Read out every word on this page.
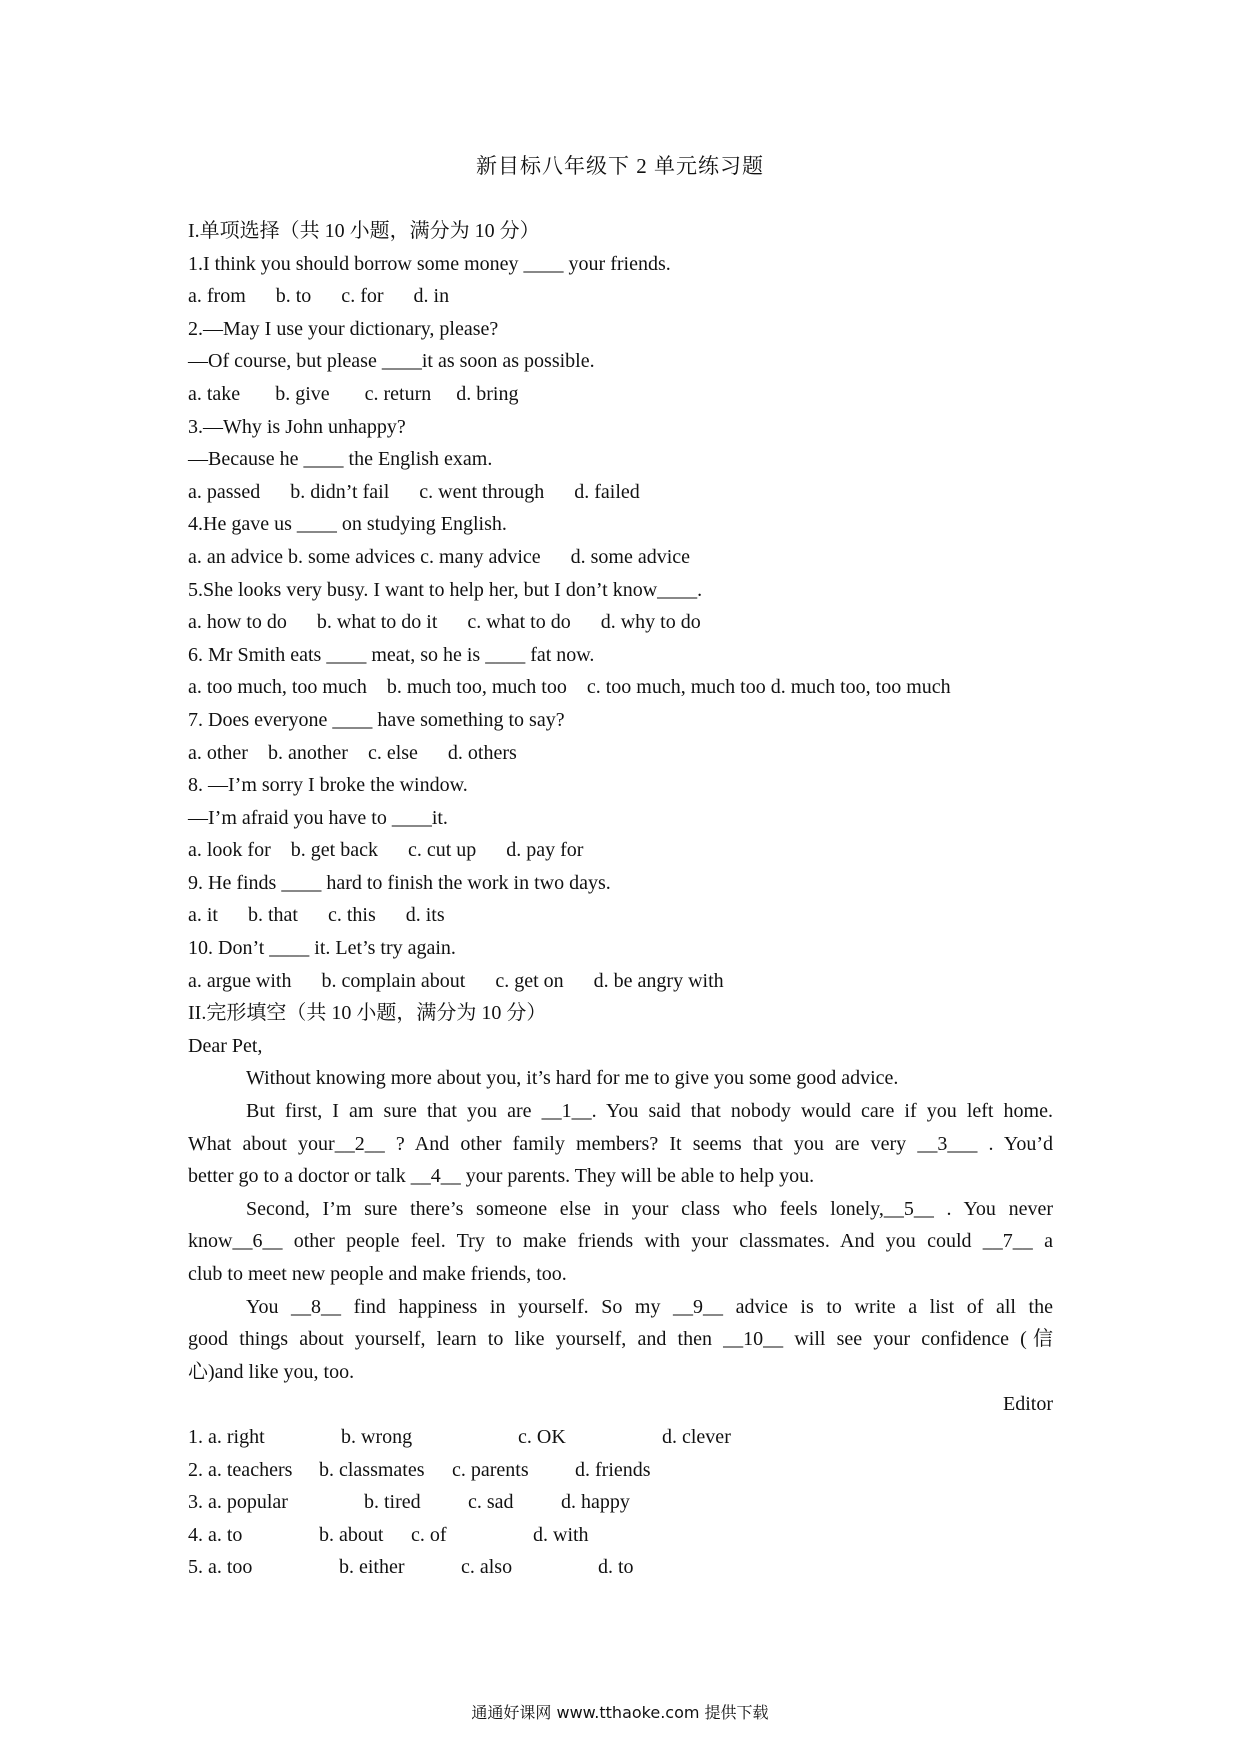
新目标八年级下 2 单元练习题
I.单项选择（共 10 小题，满分为 10 分）
1.I think you should borrow some money ____ your friends.
a. from      b. to      c. for      d. in
2.—May I use your dictionary, please?
—Of course, but please ____it as soon as possible.
a. take       b. give       c. return     d. bring
3.—Why is John unhappy?
—Because he ____ the English exam.
a. passed      b. didn’t fail      c. went through      d. failed
4.He gave us ____ on studying English.
a. an advice b. some advices c. many advice      d. some advice
5.She looks very busy. I want to help her, but I don’t know____.
a. how to do      b. what to do it      c. what to do      d. why to do
6. Mr Smith eats ____ meat, so he is ____ fat now.
a. too much, too much    b. much too, much too    c. too much, much too d. much too, too much
7. Does everyone ____ have something to say?
a. other    b. another    c. else      d. others
8. —I’m sorry I broke the window.
—I’m afraid you have to ____it.
a. look for    b. get back      c. cut up      d. pay for
9. He finds ____ hard to finish the work in two days.
a. it      b. that      c. this      d. its
10. Don’t ____ it. Let’s try again.
a. argue with      b. complain about      c. get on      d. be angry with
II.完形填空（共 10 小题，满分为 10 分）
Dear Pet,
Without knowing more about you, it’s hard for me to give you some good advice.
But first, I am sure that you are __1__. You said that nobody would care if you left home.
What about your__2__ ? And other family members? It seems that you are very __3___ . You’d
better go to a doctor or talk __4__ your parents. They will be able to help you.
Second, I’m sure there’s someone else in your class who feels lonely,__5__ . You never
know__6__ other people feel. Try to make friends with your classmates. And you could __7__ a
club to meet new people and make friends, too.
You __8__ find happiness in yourself. So my __9__ advice is to write a list of all the
good things about yourself, learn to like yourself, and then __10__ will see your confidence (信
心)and like you, too.
Editor
1. a. right	b. wrong	c. OK	d. clever
2. a. teachers b. classmates c. parents d. friends
3. a. popular	b. tired c. sad d. happy
4. a. to	b. about c. of	d. with
5. a. too	b. either	c. also	d. to
通通好课网 www.tthaoke.com 提供下载
